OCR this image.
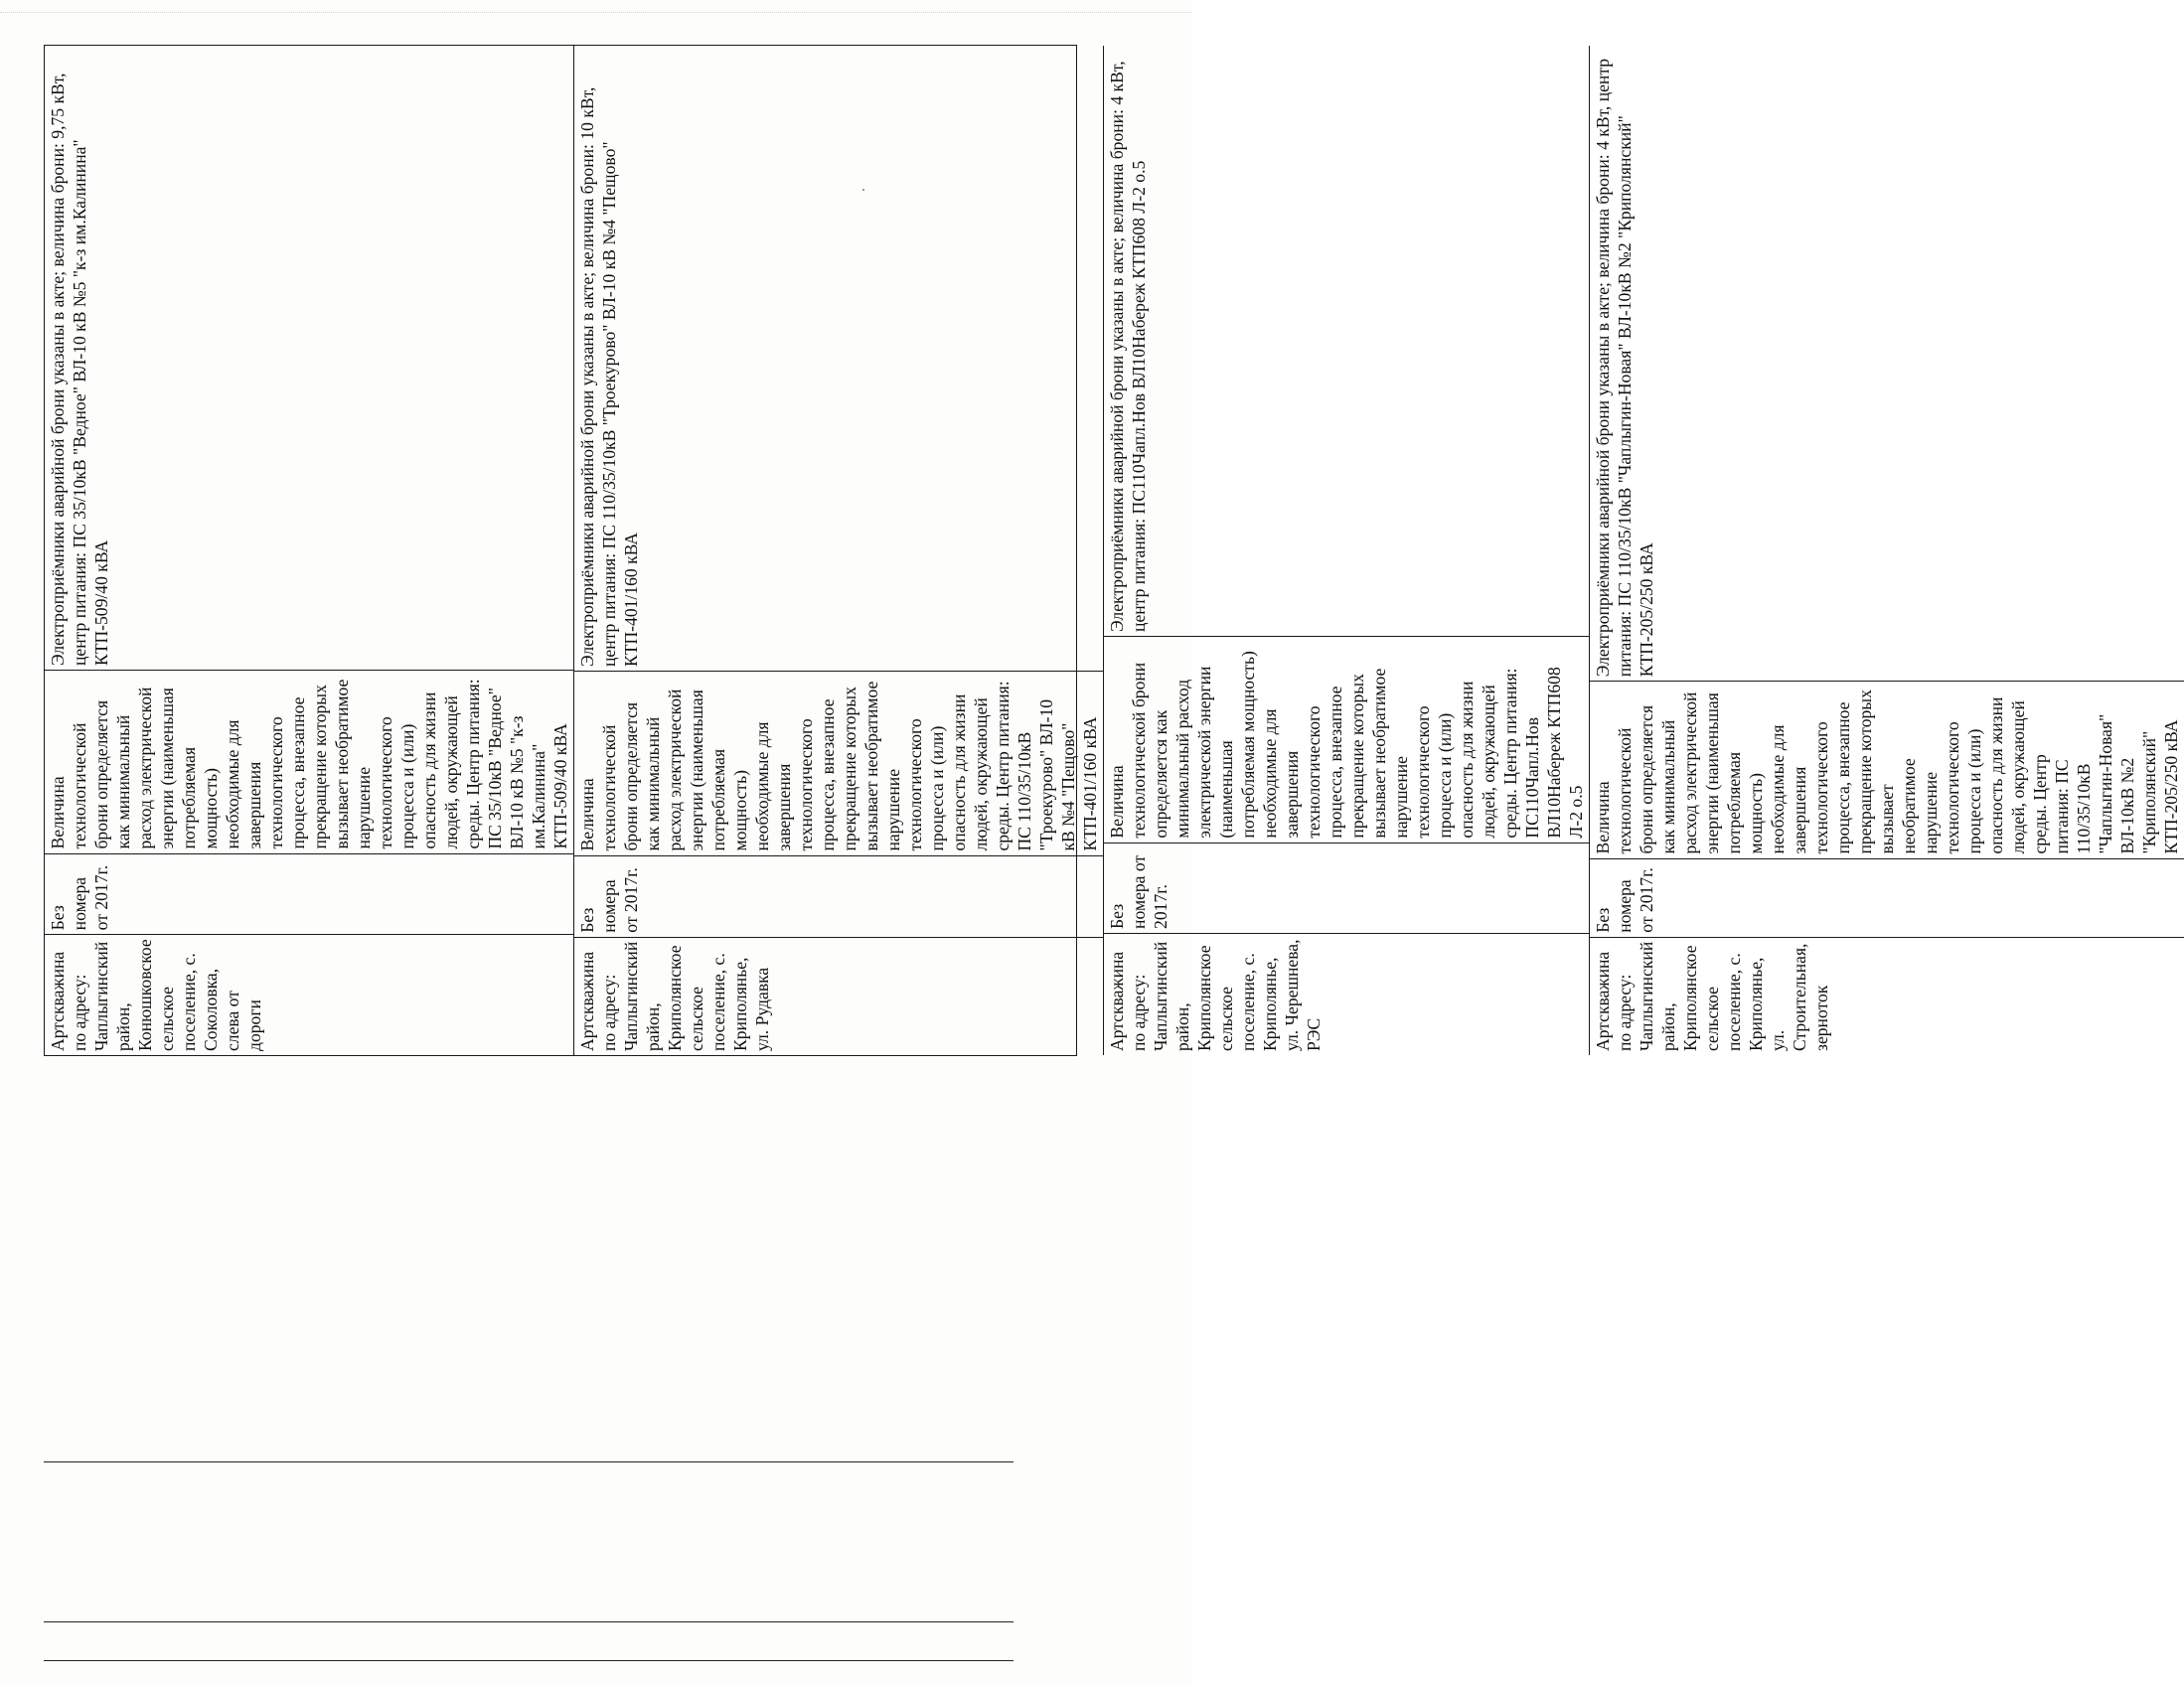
Артскважина по адресу: Чаплыгинский район, Конюшковское сельское поселение, с. Соколовка, слева от дороги
Без номера от 2017г.
Величина технологической брони определяется как минимальный расход электрической энергии (наименьшая потребляемая мощность) необходимые для завершения технологического процесса, внезапное прекращение которых вызывает необратимое нарушение технологического процесса и (или) опасность для жизни людей, окружающей среды. Центр питания: ПС 35/10кВ "Ведное" ВЛ-10 кВ №5 "к-з им.Калинина" КТП-509/40 кВА
Электроприёмники аварийной брони указаны в акте; величина брони: 9,75 кВт, центр питания: ПС 35/10кВ "Ведное" ВЛ-10 кВ №5 "к-з им.Калинина" КТП-509/40 кВА
Артскважина по адресу: Чаплыгинский район, Криполянское сельское поселение, с. Криполянье, ул. Рудавка
Без номера от 2017г.
Величина технологической брони определяется как минимальный расход электрической энергии (наименьшая потребляемая мощность) необходимые для завершения технологического процесса, внезапное прекращение которых вызывает необратимое нарушение технологического процесса и (или) опасность для жизни людей, окружающей среды. Центр питания: ПС 110/35/10кВ "Троекурово" ВЛ-10 кВ №4 "Пещово" КТП-401/160 кВА
Электроприёмники аварийной брони указаны в акте; величина брони: 10 кВт, центр питания: ПС 110/35/10кВ "Троекурово" ВЛ-10 кВ №4 "Пещово" КТП-401/160 кВА
Артскважина по адресу: Чаплыгинский район, Криполянское сельское поселение, с. Криполянье, ул. Черешнева, РЭС
Без номера от 2017г.
Величина технологической брони определяется как минимальный расход электрической энергии (наименьшая потребляемая мощность) необходимые для завершения технологического процесса, внезапное прекращение которых вызывает необратимое нарушение технологического процесса и (или) опасность для жизни людей, окружающей среды. Центр питания: ПС110Чапл.Нов ВЛ10Набереж КТП608 Л-2 о.5
Электроприёмники аварийной брони указаны в акте; величина брони: 4 кВт, центр питания: ПС110Чапл.Нов ВЛ10Набереж КТП608 Л-2 о.5
Артскважина по адресу: Чаплыгинский район, Криполянское сельское поселение, с. Криполянье, ул. Строительная, зерноток
Без номера от 2017г.
Величина технологической брони определяется как минимальный расход электрической энергии (наименьшая потребляемая мощность) необходимые для завершения технологического процесса, внезапное прекращение которых вызывает необратимое нарушение технологического процесса и (или) опасность для жизни людей, окружающей среды. Центр питания: ПС 110/35/10кВ "Чаплыгин-Новая" ВЛ-10кВ №2 "Криполянский" КТП-205/250 кВА
Электроприёмники аварийной брони указаны в акте; величина брони: 4 кВт, центр питания: ПС 110/35/10кВ "Чаплыгин-Новая" ВЛ-10кВ №2 "Криполянский" КТП-205/250 кВА
